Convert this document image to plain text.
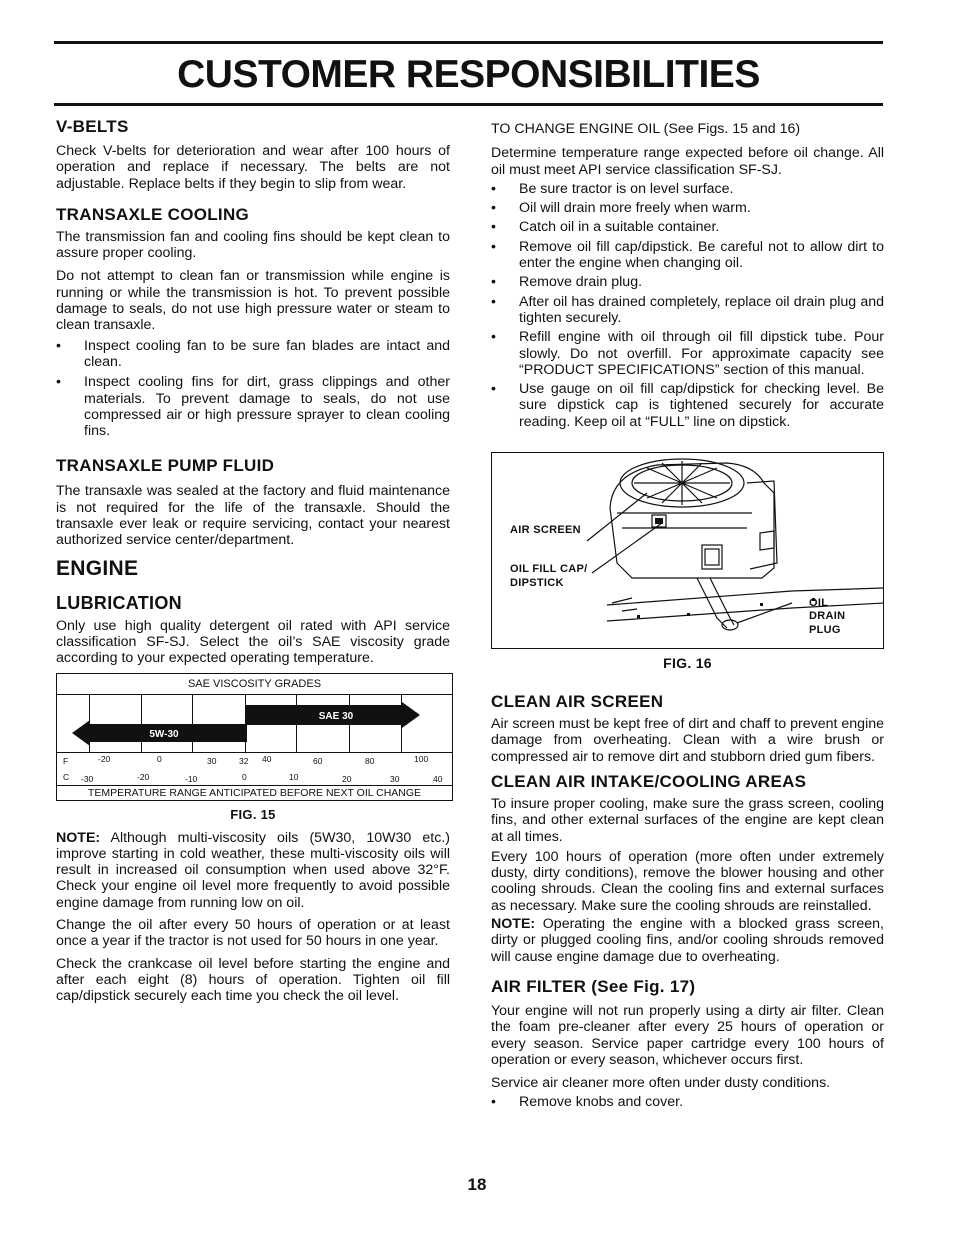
CUSTOMER RESPONSIBILITIES
V-BELTS

Check V-belts for deterioration and wear after 100 hours of operation and replace if necessary. The belts are not adjustable. Replace belts if they begin to slip from wear.

TRANSAXLE COOLING

The transmission fan and cooling fins should be kept clean to assure proper cooling.

Do not attempt to clean fan or transmission while engine is running or while the transmission is hot. To prevent possible damage to seals, do not use high pressure water or steam to clean transaxle.

• Inspect cooling fan to be sure fan blades are intact and clean.
• Inspect cooling fins for dirt, grass clippings and other materials. To prevent damage to seals, do not use compressed air or high pressure sprayer to clean cooling fins.
TRANSAXLE PUMP FLUID

The transaxle was sealed at the factory and fluid maintenance is not required for the life of the transaxle. Should the transaxle ever leak or require servicing, contact your nearest authorized service center/department.

ENGINE
LUBRICATION

Only use high quality detergent oil rated with API service classification SF-SJ. Select the oil’s SAE viscosity grade according to your expected operating temperature.

SAE VISCOSITY GRADES
SAE 30
5W-30
F	-20	0	30	32 40	60	80	100
C -30	-20	-10	0	10	20	30	40
TEMPERATURE RANGE ANTICIPATED BEFORE NEXT OIL CHANGE
FIG. 15

NOTE: Although multi-viscosity oils (5W30, 10W30 etc.) improve starting in cold weather, these multi-viscosity oils will result in increased oil consumption when used above 32°F. Check your engine oil level more frequently to avoid possible engine damage from running low on oil.

Change the oil after every 50 hours of operation or at least once a year if the tractor is not used for 50 hours in one year.

Check the crankcase oil level before starting the engine and after each eight (8) hours of operation. Tighten oil fill cap/dipstick securely each time you check the oil level.

TO CHANGE ENGINE OIL (See Figs. 15 and 16)

Determine temperature range expected before oil change. All oil must meet API service classification SF-SJ.

• Be sure tractor is on level surface.
• Oil will drain more freely when warm.
• Catch oil in a suitable container.
• Remove oil fill cap/dipstick. Be careful not to allow dirt to enter the engine when changing oil.
• Remove drain plug.
• After oil has drained completely, replace oil drain plug and tighten securely.
• Refill engine with oil through oil fill dipstick tube. Pour slowly. Do not overfill. For approximate capacity see “PRODUCT SPECIFICATIONS” section of this manual.
• Use gauge on oil fill cap/dipstick for checking level. Be sure dipstick cap is tightened securely for accurate reading. Keep oil at “FULL” line on dipstick.
AIR SCREEN
OIL FILL CAP/
DIPSTICK
OIL
DRAIN
PLUG
FIG. 16
CLEAN AIR SCREEN

Air screen must be kept free of dirt and chaff to prevent engine damage from overheating. Clean with a wire brush or compressed air to remove dirt and stubborn dried gum fibers.

CLEAN AIR INTAKE/COOLING AREAS

To insure proper cooling, make sure the grass screen, cooling fins, and other external surfaces of the engine are kept clean at all times.

Every 100 hours of operation (more often under extremely dusty, dirty conditions), remove the blower housing and other cooling shrouds. Clean the cooling fins and external surfaces as necessary. Make sure the cooling shrouds are reinstalled.

NOTE: Operating the engine with a blocked grass screen, dirty or plugged cooling fins, and/or cooling shrouds removed will cause engine damage due to overheating.

AIR FILTER (See Fig. 17)

Your engine will not run properly using a dirty air filter. Clean the foam pre-cleaner after every 25 hours of operation or every season. Service paper cartridge every 100 hours of operation or every season, whichever occurs first.

Service air cleaner more often under dusty conditions.

• Remove knobs and cover.
18
